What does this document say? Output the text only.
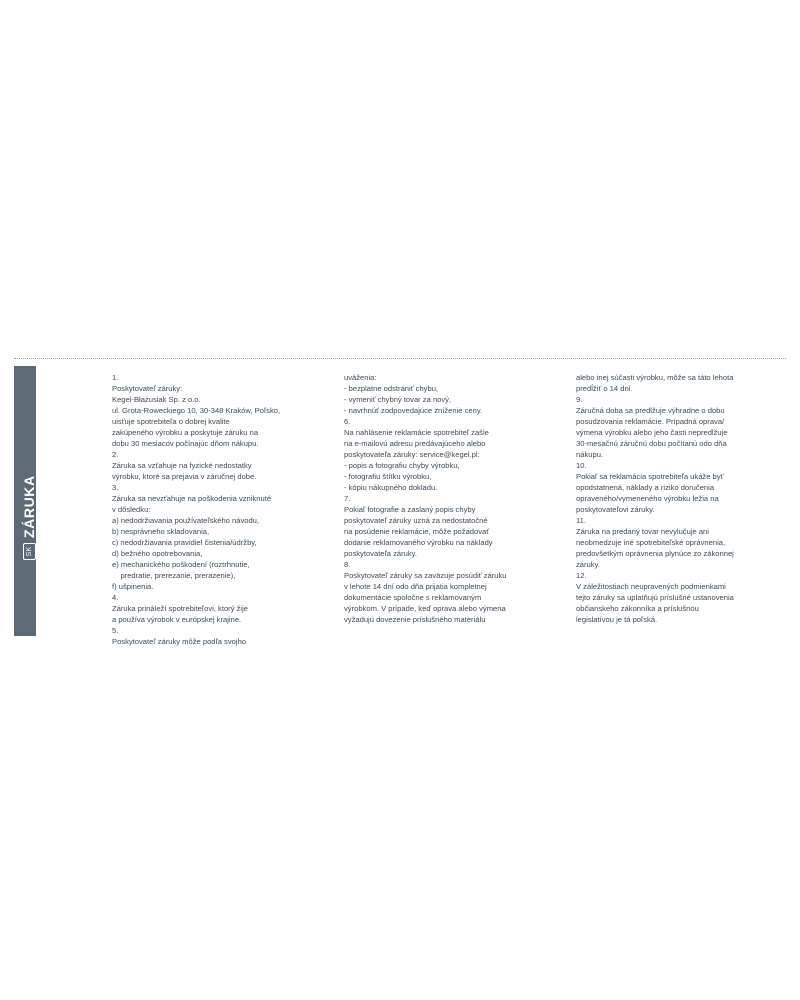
SK
ZÁRUKA
1.
Poskytovateľ záruky:
Kegel-Błażusiak Sp. z o.o.
ul. Grota-Roweckiego 10, 30-348 Kraków, Poľsko,
uisťuje spotrebiteľa o dobrej kvalite
zakúpeného výrobku a poskytuje záruku na
dobu 30 mesiacov počínajúc dňom nákupu.
2.
Záruka sa vzťahuje na fyzické nedostatky
výrobku, ktoré sa prejavia v záručnej dobe.
3.
Záruka sa nevzťahuje na poškodenia vzniknuté
v dôsledku:
a) nedodržiavania používateľského návodu,
b) nesprávneho skladovania,
c) nedodržiavania pravidiel čistenia/údržby,
d) bežného opotrebovania,
e) mechanického poškodení (roztrhnutie,
predratie, prerezanie, prerazenie),
f) ušpinenia.
4.
Záruka prináleží spotrebiteľovi, ktorý žije
a používa výrobok v európskej krajine.
5.
Poskytovateľ záruky môže podľa svojho
uváženia:
- bezplatne odstrániť chybu,
- vymeniť chybný tovar za nový,
- navrhnúť zodpovedajúce zníženie ceny.
6.
Na nahlásenie reklamácie spotrebiteľ zašle
na e-mailovú adresu predávajúceho alebo
poskytovateľa záruky: service@kegel.pl:
- popis a fotografiu chyby výrobku,
- fotografiu štítku výrobku,
- kópiu nákupného dokladu.
7.
Pokiaľ fotografie a zaslaný popis chyby
poskytovateľ záruky uzná za nedostatočné
na posúdenie reklamácie, môže požadovať
dodanie reklamovaného výrobku na náklady
poskytovateľa záruky.
8.
Poskytovateľ záruky sa zaväzuje posúdiť záruku
v lehote 14 dní odo dňa prijatia kompletnej
dokumentácie spoločne s reklamovaným
výrobkom. V prípade, keď oprava alebo výmena
vyžadujú dovezenie príslušného materiálu
alebo inej súčasti výrobku, môže sa táto lehota
predĺžiť o 14 dní.
9.
Záručná doba sa predlžuje výhradne o dobu
posudzovania reklamácie. Prípadná oprava/
výmena výrobku alebo jeho časti nepredlžuje
30-mesačnú záručnú dobu počítanú odo dňa
nákupu.
10.
Pokiaľ sa reklamácia spotrebiteľa ukáže byť
opodstatnená, náklady a riziko doručenia
opraveného/vymeneného výrobku ležia na
poskytovateľovi záruky.
11.
Záruka na predaný tovar nevylučuje ani
neobmedzuje iné spotrebiteľské oprávnenia,
predovšetkým oprávnenia plynúce zo zákonnej
záruky.
12.
V záležitostiach neupravených podmienkami
tejto záruky sa uplatňujú príslušné ustanovenia
občianskeho zákonníka a príslušnou
legislatívou je tá poľská.
